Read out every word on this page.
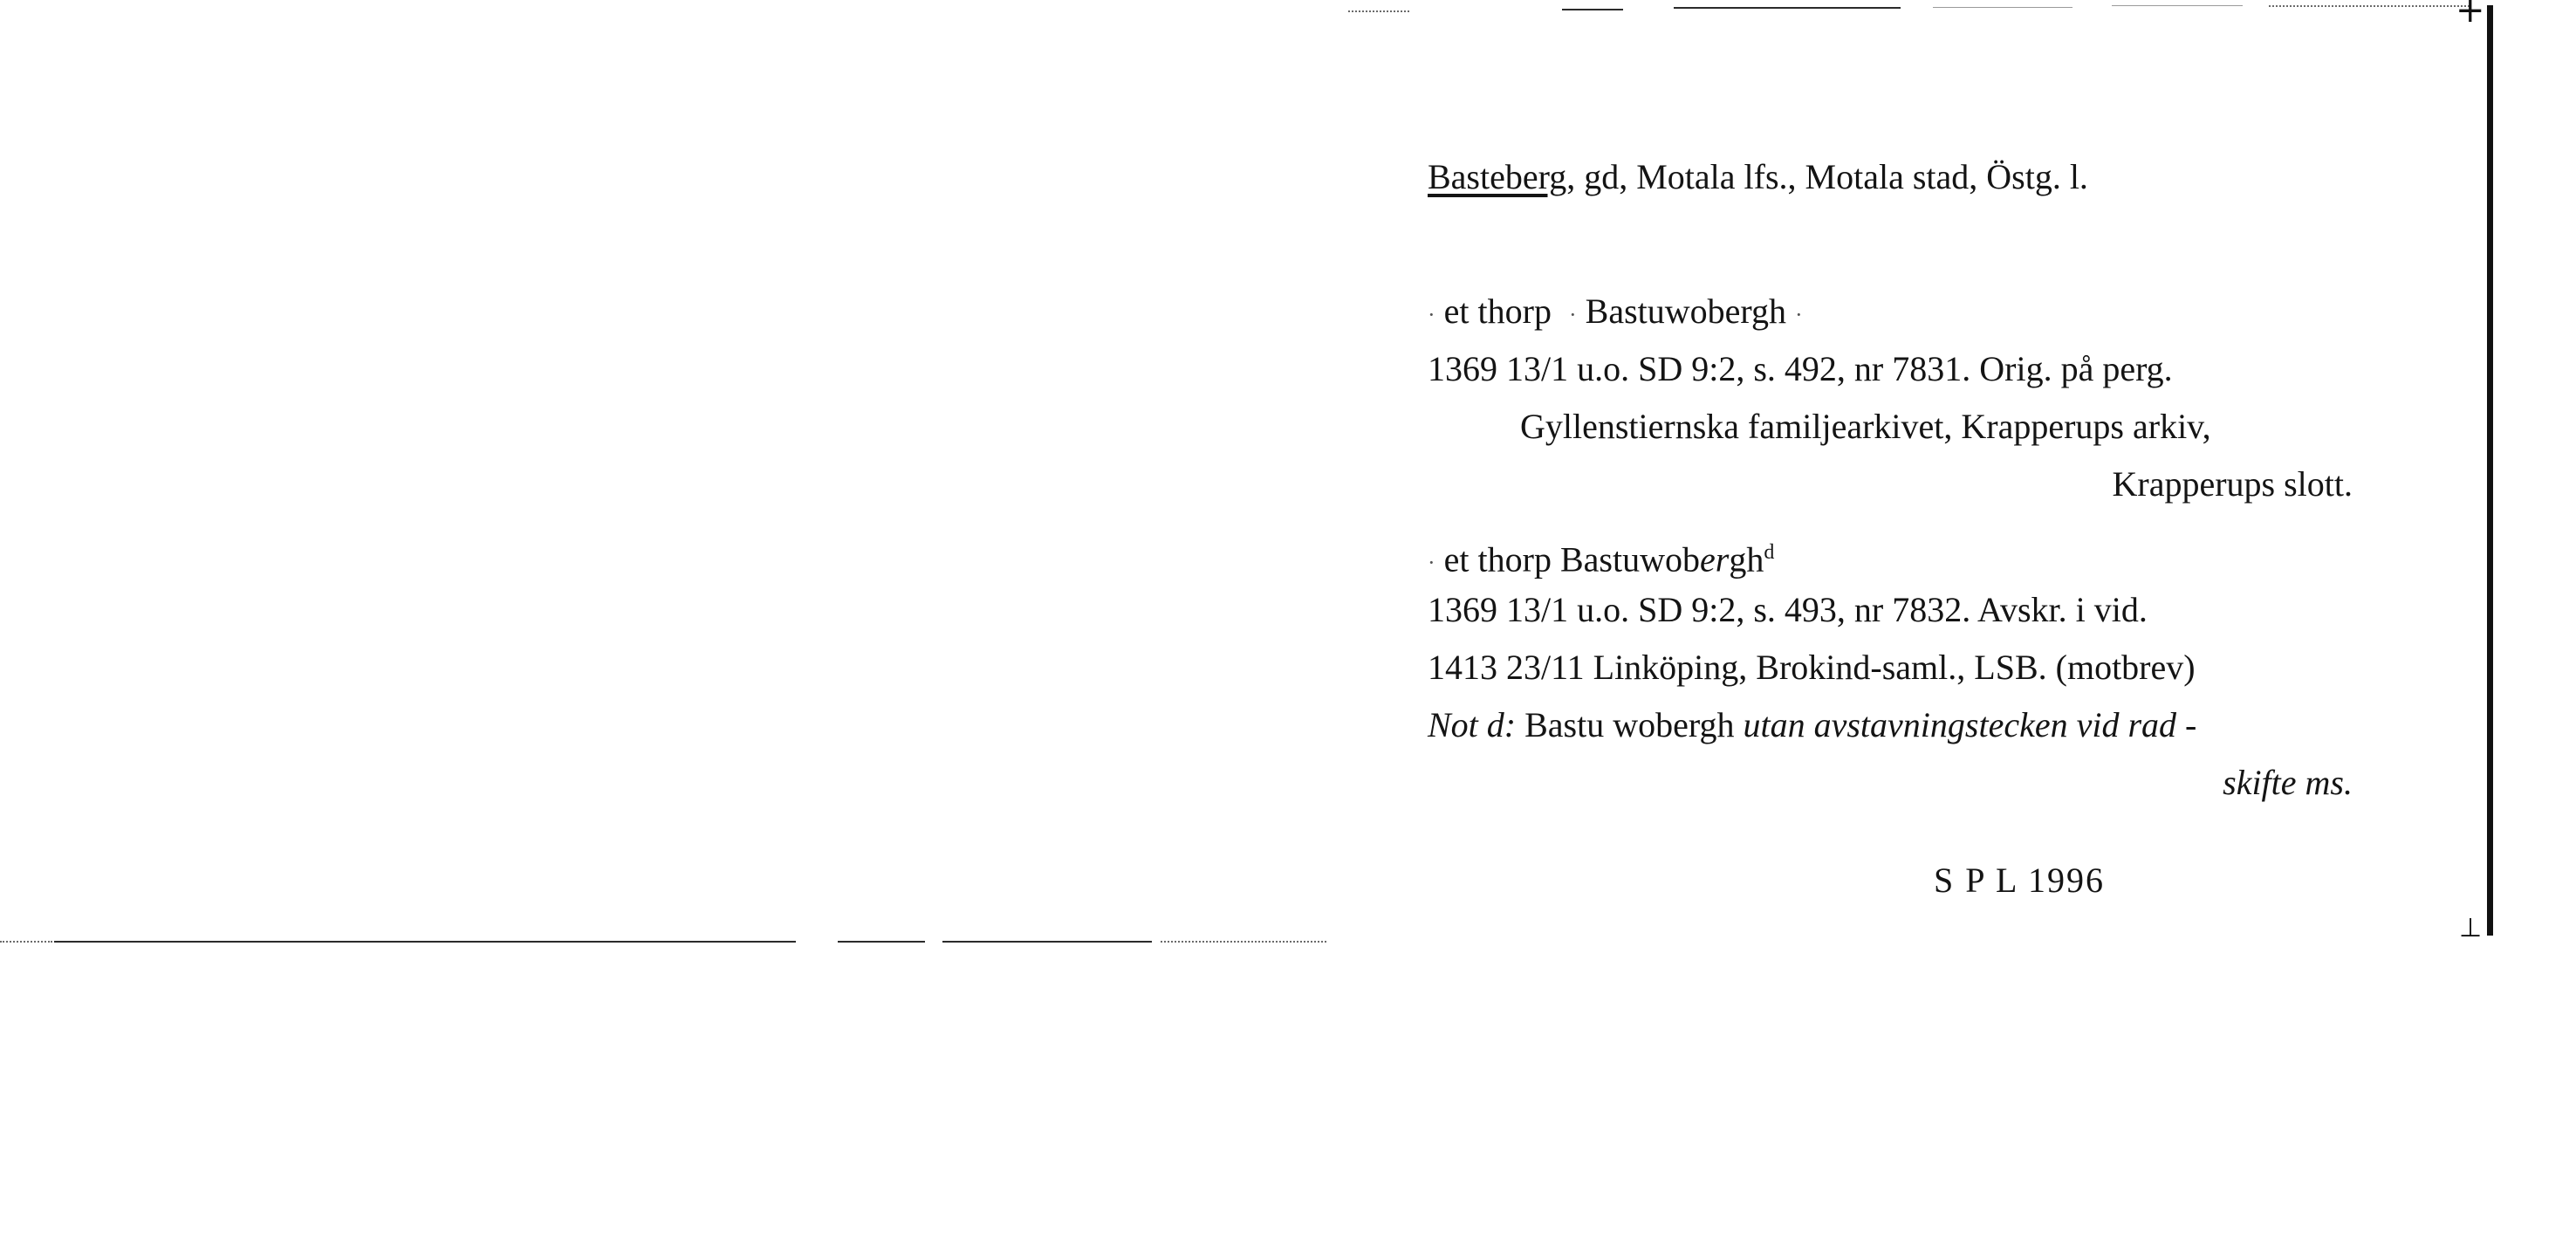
+
⊥
Basteberg, gd, Motala lfs., Motala stad, Östg. l.
· et thorp · Bastuwobergh ·
1369 13/1 u.o. SD 9:2, s. 492, nr 7831. Orig. på perg.
Gyllenstiernska familjearkivet, Krapperups arkiv,
Krapperups slott.
· et thorp Bastuwobergh$^d$
1369 13/1 u.o. SD 9:2, s. 493, nr 7832. Avskr. i vid.
1413 23/11 Linköping, Brokind-saml., LSB. (motbrev)
Not d: Bastu wobergh utan avstavningstecken vid rad -
skifte ms.
S P L 1996
